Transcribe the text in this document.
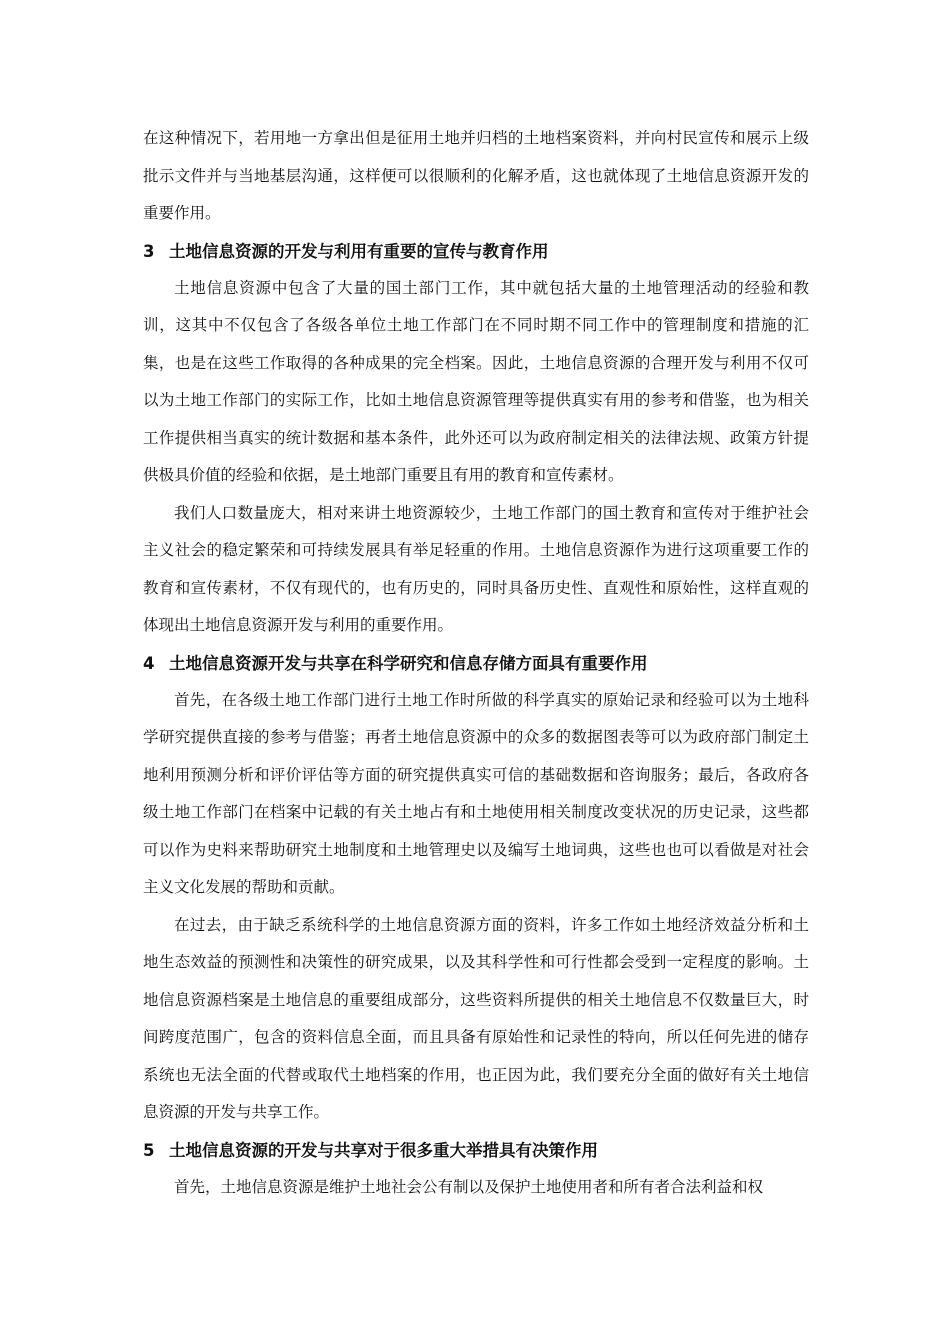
在这种情况下，若用地一方拿出但是征用土地并归档的土地档案资料，并向村民宣传和展示上级批示文件并与当地基层沟通，这样便可以很顺利的化解矛盾，这也就体现了土地信息资源开发的重要作用。

3 土地信息资源的开发与利用有重要的宣传与教育作用

土地信息资源中包含了大量的国土部门工作，其中就包括大量的土地管理活动的经验和教训，这其中不仅包含了各级各单位土地工作部门在不同时期不同工作中的管理制度和措施的汇集，也是在这些工作取得的各种成果的完全档案。因此，土地信息资源的合理开发与利用不仅可以为土地工作部门的实际工作，比如土地信息资源管理等提供真实有用的参考和借鉴，也为相关工作提供相当真实的统计数据和基本条件，此外还可以为政府制定相关的法律法规、政策方针提供极具价值的经验和依据，是土地部门重要且有用的教育和宣传素材。

我们人口数量庞大，相对来讲土地资源较少，土地工作部门的国土教育和宣传对于维护社会主义社会的稳定繁荣和可持续发展具有举足轻重的作用。土地信息资源作为进行这项重要工作的教育和宣传素材，不仅有现代的，也有历史的，同时具备历史性、直观性和原始性，这样直观的体现出土地信息资源开发与利用的重要作用。

4 土地信息资源开发与共享在科学研究和信息存储方面具有重要作用

首先，在各级土地工作部门进行土地工作时所做的科学真实的原始记录和经验可以为土地科学研究提供直接的参考与借鉴；再者土地信息资源中的众多的数据图表等可以为政府部门制定土地利用预测分析和评价评估等方面的研究提供真实可信的基础数据和咨询服务；最后，各政府各级土地工作部门在档案中记载的有关土地占有和土地使用相关制度改变状况的历史记录，这些都可以作为史料来帮助研究土地制度和土地管理史以及编写土地词典，这些也也可以看做是对社会主义文化发展的帮助和贡献。

在过去，由于缺乏系统科学的土地信息资源方面的资料，许多工作如土地经济效益分析和土地生态效益的预测性和决策性的研究成果，以及其科学性和可行性都会受到一定程度的影响。土地信息资源档案是土地信息的重要组成部分，这些资料所提供的相关土地信息不仅数量巨大，时间跨度范围广，包含的资料信息全面，而且具备有原始性和记录性的特向，所以任何先进的储存系统也无法全面的代替或取代土地档案的作用，也正因为此，我们要充分全面的做好有关土地信息资源的开发与共享工作。

5 土地信息资源的开发与共享对于很多重大举措具有决策作用

首先，土地信息资源是维护土地社会公有制以及保护土地使用者和所有者合法利益和权
